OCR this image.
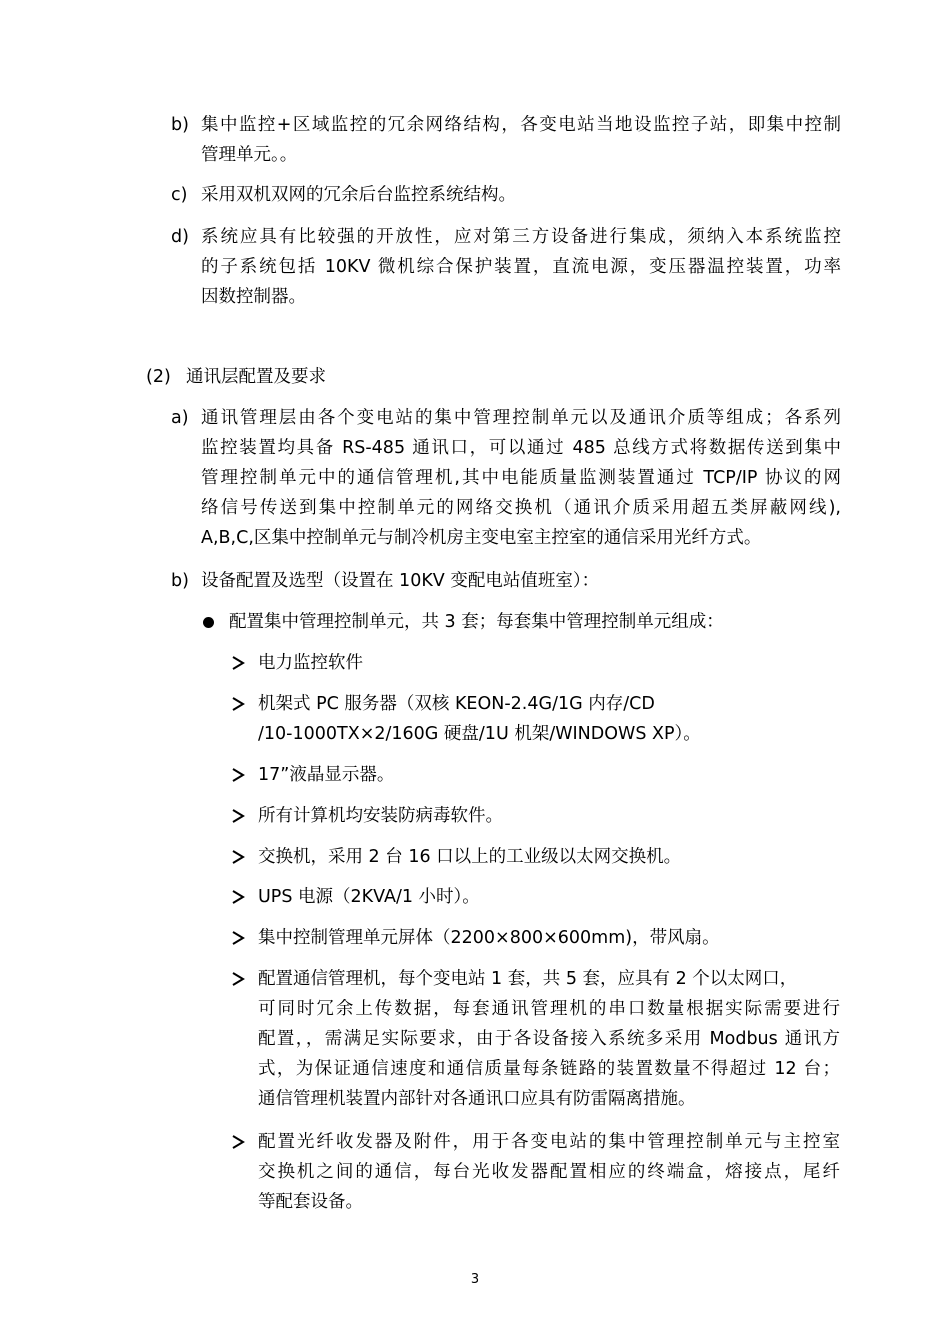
b) 集中监控+区域监控的冗余网络结构，各变电站当地设监控子站，即集中控制
管理单元。。
c) 采用双机双网的冗余后台监控系统结构。
d) 系统应具有比较强的开放性，应对第三方设备进行集成，须纳入本系统监控
的子系统包括 10KV 微机综合保护装置，直流电源，变压器温控装置，功率
因数控制器。
(2) 通讯层配置及要求
a) 通讯管理层由各个变电站的集中管理控制单元以及通讯介质等组成；各系列
监控装置均具备 RS-485 通讯口，可以通过 485 总线方式将数据传送到集中
管理控制单元中的通信管理机,其中电能质量监测装置通过 TCP/IP 协议的网
络信号传送到集中控制单元的网络交换机（通讯介质采用超五类屏蔽网线),
A,B,C,区集中控制单元与制冷机房主变电室主控室的通信采用光纤方式。
b) 设备配置及选型（设置在 10KV 变配电站值班室）：
配置集中管理控制单元，共 3 套；每套集中管理控制单元组成：
电力监控软件
机架式 PC 服务器（双核 KEON-2.4G/1G 内存/CD
/10-1000TX×2/160G 硬盘/1U 机架/WINDOWS XP）。
17”液晶显示器。
所有计算机均安装防病毒软件。
交换机，采用 2 台 16 口以上的工业级以太网交换机。
UPS 电源（2KVA/1 小时）。
集中控制管理单元屏体（2200×800×600mm)，带风扇。
配置通信管理机，每个变电站 1 套，共 5 套，应具有 2 个以太网口，
可同时冗余上传数据，每套通讯管理机的串口数量根据实际需要进行
配置，，需满足实际要求，由于各设备接入系统多采用 Modbus 通讯方
式，为保证通信速度和通信质量每条链路的装置数量不得超过 12 台；
通信管理机装置内部针对各通讯口应具有防雷隔离措施。
配置光纤收发器及附件，用于各变电站的集中管理控制单元与主控室
交换机之间的通信，每台光收发器配置相应的终端盒，熔接点，尾纤
等配套设备。
3
